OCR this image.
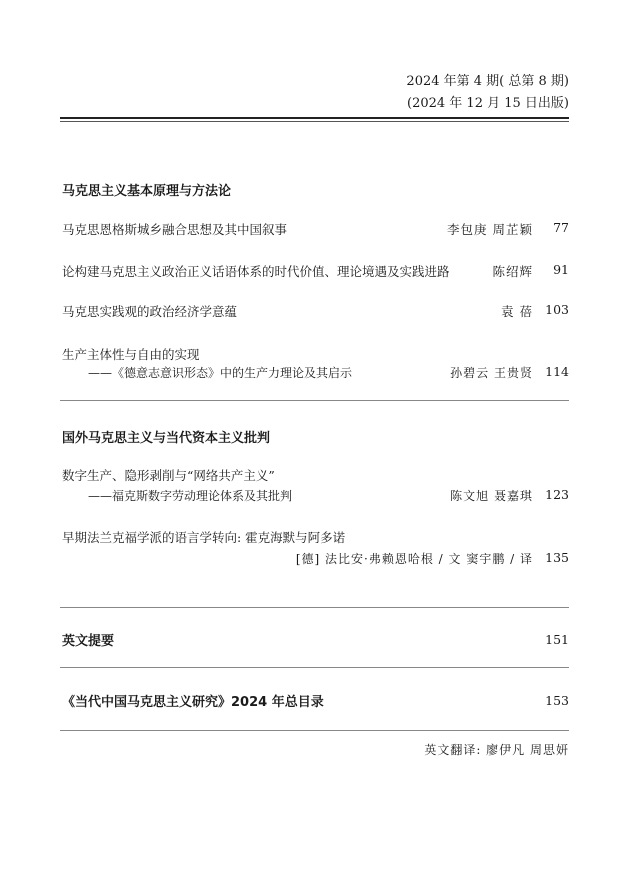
2024 年第 4 期( 总第 8 期)
(2024 年 12 月 15 日出版)
马克思主义基本原理与方法论
马克思恩格斯城乡融合思想及其中国叙事	李包庚 周芷颖 77
论构建马克思主义政治正义话语体系的时代价值、理论境遇及实践进路	陈绍辉 91
马克思实践观的政治经济学意蕴	袁 蓓 103
生产主体性与自由的实现
——《德意志意识形态》中的生产力理论及其启示	孙碧云 王贵贤 114
国外马克思主义与当代资本主义批判
数字生产、隐形剥削与“网络共产主义”
——福克斯数字劳动理论体系及其批判	陈文旭 聂嘉琪 123
早期法兰克福学派的语言学转向: 霍克海默与阿多诺
[德] 法比安·弗赖恩哈根 / 文 窦宇鹏 / 译 135
英文提要	151
《当代中国马克思主义研究》2024 年总目录	153
英文翻译: 廖伊凡 周思妍
